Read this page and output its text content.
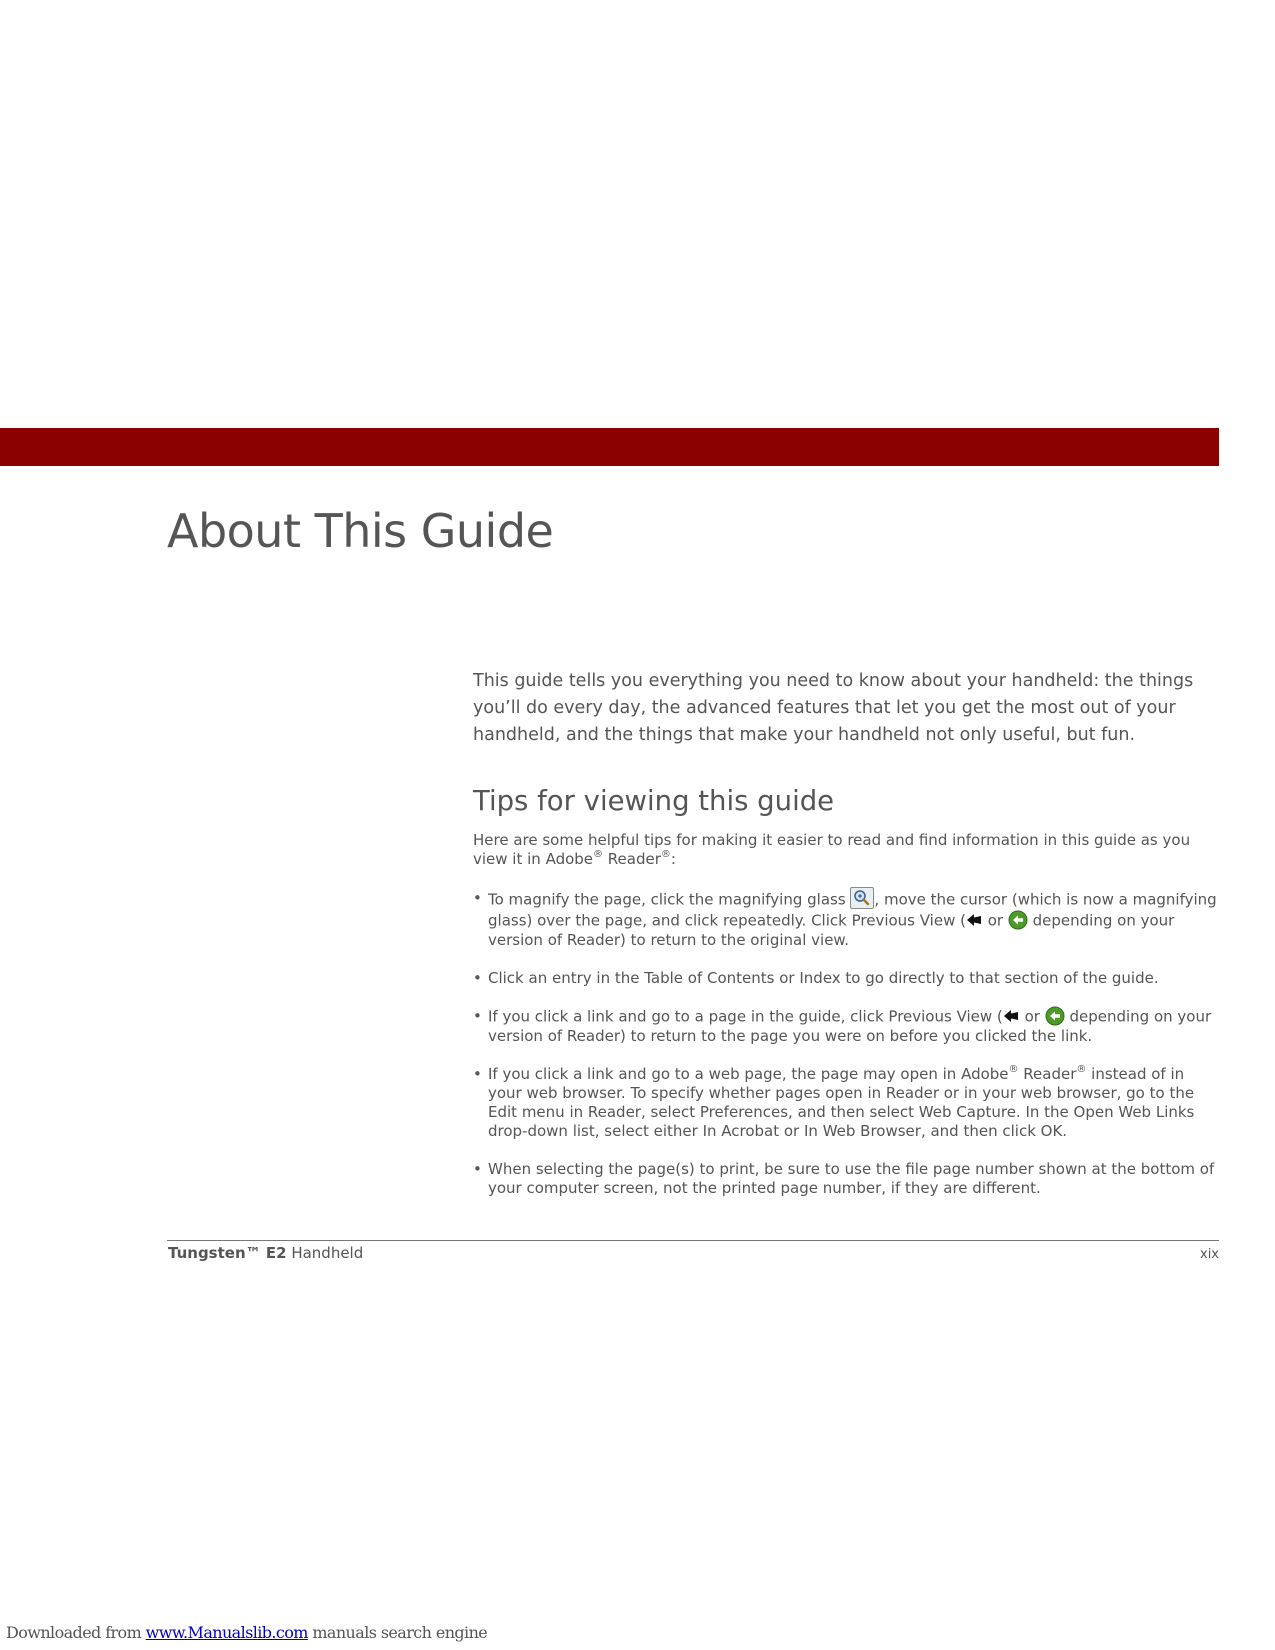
About This Guide

This guide tells you everything you need to know about your handheld: the things you’ll do every day, the advanced features that let you get the most out of your handheld, and the things that make your handheld not only useful, but fun.

Tips for viewing this guide

Here are some helpful tips for making it easier to read and find information in this guide as you view it in Adobe® Reader®:

• To magnify the page, click the magnifying glass , move the cursor (which is now a magnifying glass) over the page, and click repeatedly. Click Previous View ( or  depending on your version of Reader) to return to the original view.
• Click an entry in the Table of Contents or Index to go directly to that section of the guide.
• If you click a link and go to a page in the guide, click Previous View ( or  depending on your version of Reader) to return to the page you were on before you clicked the link.
• If you click a link and go to a web page, the page may open in Adobe® Reader® instead of in your web browser. To specify whether pages open in Reader or in your web browser, go to the Edit menu in Reader, select Preferences, and then select Web Capture. In the Open Web Links drop-down list, select either In Acrobat or In Web Browser, and then click OK.
• When selecting the page(s) to print, be sure to use the file page number shown at the bottom of your computer screen, not the printed page number, if they are different.
Tungsten™ E2 Handheld	xix
Downloaded from www.Manualslib.com manuals search engine
